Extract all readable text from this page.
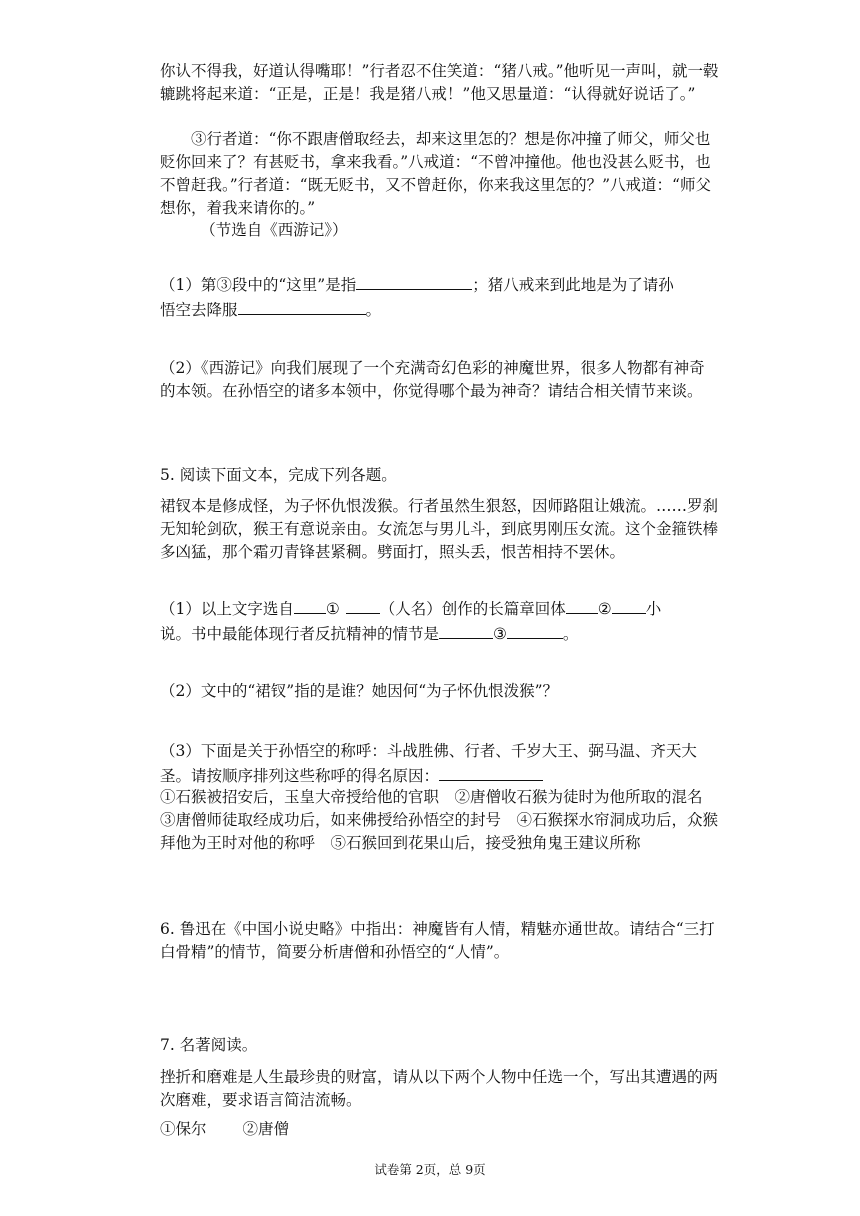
你认不得我，好道认得嘴耶！”行者忍不住笑道：“猪八戒。”他听见一声叫，就一毂辘跳将起来道：“正是，正是！我是猪八戒！”他又思量道：“认得就好说话了。”

③行者道：“你不跟唐僧取经去，却来这里怎的？想是你冲撞了师父，师父也贬你回来了？有甚贬书，拿来我看。”八戒道：“不曾冲撞他。他也没甚么贬书，也不曾赶我。”行者道：“既无贬书，又不曾赶你，你来我这里怎的？”八戒道：“师父想你，着我来请你的。”

（节选自《西游记》）

（1）第③段中的“这里”是指	；猪八戒来到此地是为了请孙
悟空去降服	。

（2）《西游记》向我们展现了一个充满奇幻色彩的神魔世界，很多人物都有神奇的本领。在孙悟空的诸多本领中，你觉得哪个最为神奇？请结合相关情节来谈。

5. 阅读下面文本，完成下列各题。

裙钗本是修成怪，为子怀仇恨泼猴。行者虽然生狠怒，因师路阻让娥流。……罗刹无知轮剑砍，猴王有意说亲由。女流怎与男儿斗，到底男刚压女流。这个金箍铁棒多凶猛，那个霜刃青锋甚紧稠。劈面打，照头丢，恨苦相持不罢休。

（1）以上文字选自 ①	（人名）创作的长篇章回体 ② 小
说。书中最能体现行者反抗精神的情节是	③	。

（2）文中的“裙钗”指的是谁？她因何“为子怀仇恨泼猴”？

（3）下面是关于孙悟空的称呼：斗战胜佛、行者、千岁大王、弼马温、齐天大圣。请按顺序排列这些称呼的得名原因：

①石猴被招安后，玉皇大帝授给他的官职　②唐僧收石猴为徒时为他所取的混名　③唐僧师徒取经成功后，如来佛授给孙悟空的封号　④石猴探水帘洞成功后，众猴拜他为王时对他的称呼　⑤石猴回到花果山后，接受独角鬼王建议所称

6. 鲁迅在《中国小说史略》中指出：神魔皆有人情，精魅亦通世故。请结合“三打白骨精”的情节，简要分析唐僧和孙悟空的“人情”。

7. 名著阅读。

挫折和磨难是人生最珍贵的财富，请从以下两个人物中任选一个，写出其遭遇的两次磨难，要求语言简洁流畅。

①保尔 ②唐僧

试卷第 2页，总 9页
